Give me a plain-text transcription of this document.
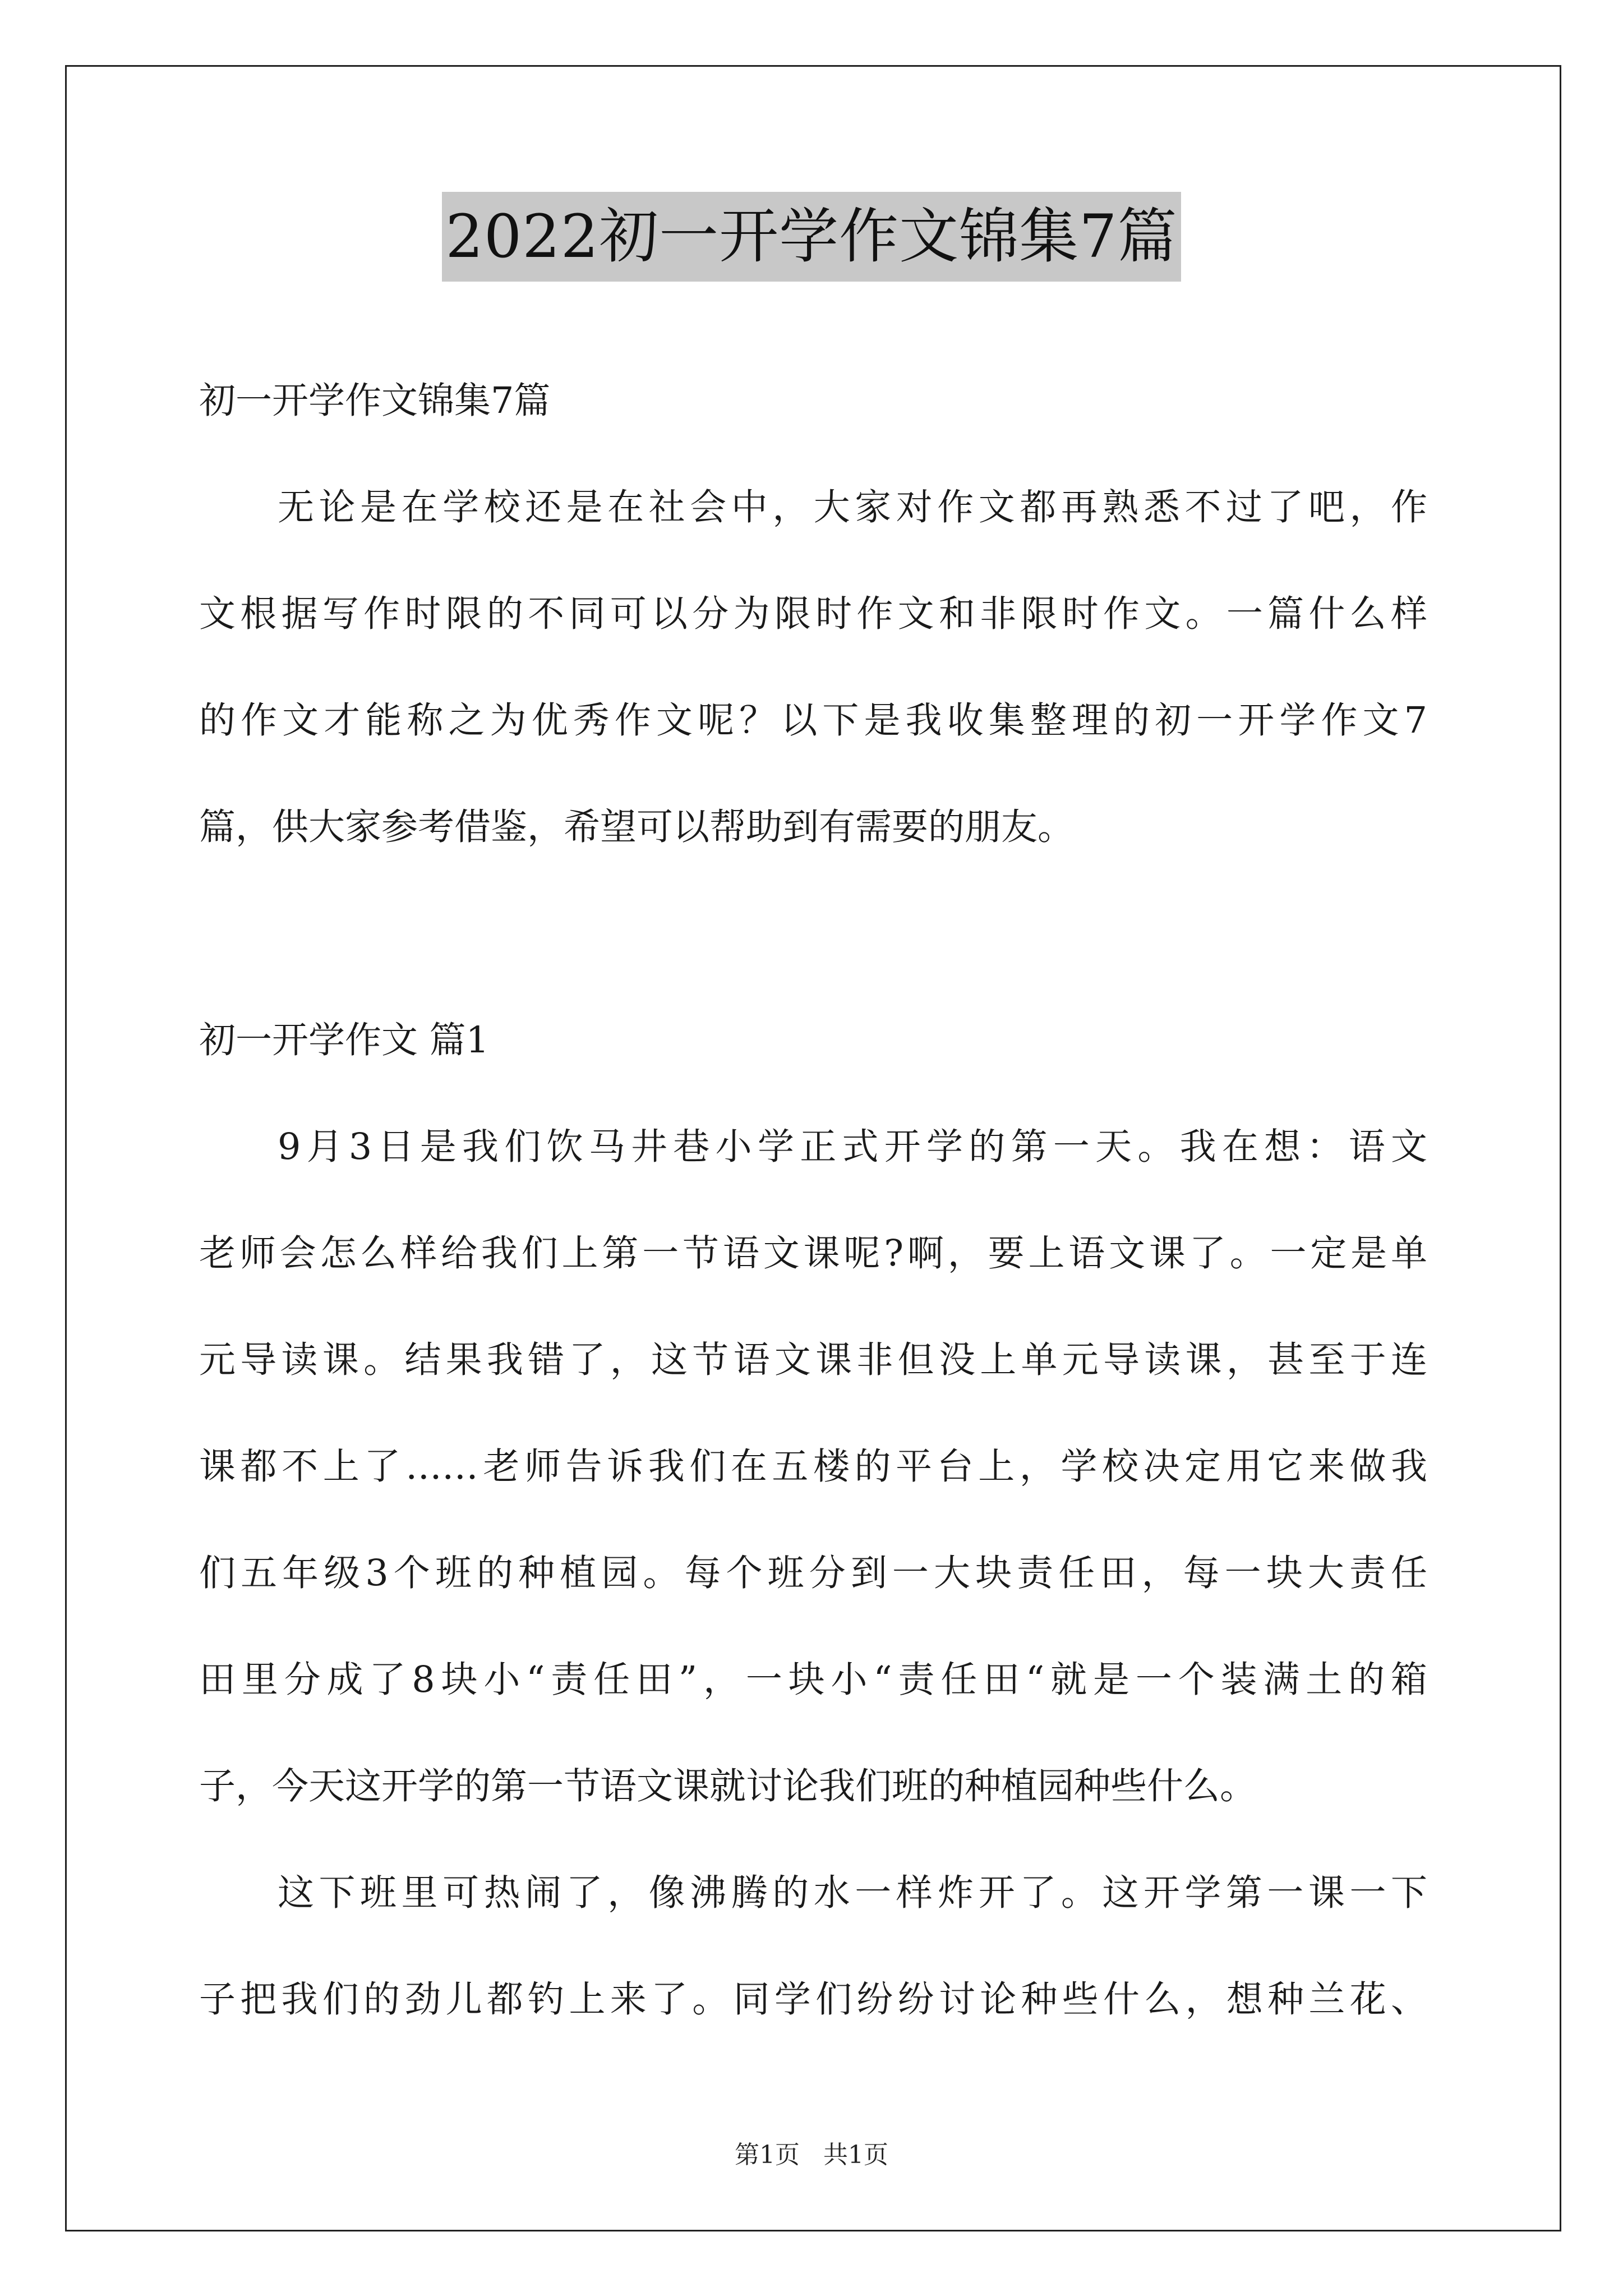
2022初一开学作文锦集7篇
初一开学作文锦集7篇
无论是在学校还是在社会中，大家对作文都再熟悉不过了吧，作
文根据写作时限的不同可以分为限时作文和非限时作文。一篇什么样
的作文才能称之为优秀作文呢？以下是我收集整理的初一开学作文7
篇，供大家参考借鉴，希望可以帮助到有需要的朋友。
初一开学作文 篇1
9月3日是我们饮马井巷小学正式开学的第一天。我在想：语文
老师会怎么样给我们上第一节语文课呢?啊，要上语文课了。一定是单
元导读课。结果我错了，这节语文课非但没上单元导读课，甚至于连
课都不上了……老师告诉我们在五楼的平台上，学校决定用它来做我
们五年级3个班的种植园。每个班分到一大块责任田，每一块大责任
田里分成了8块小“责任田”，一块小“责任田“就是一个装满土的箱
子，今天这开学的第一节语文课就讨论我们班的种植园种些什么。
这下班里可热闹了，像沸腾的水一样炸开了。这开学第一课一下
子把我们的劲儿都钓上来了。同学们纷纷讨论种些什么，想种兰花、
第1页   共1页
